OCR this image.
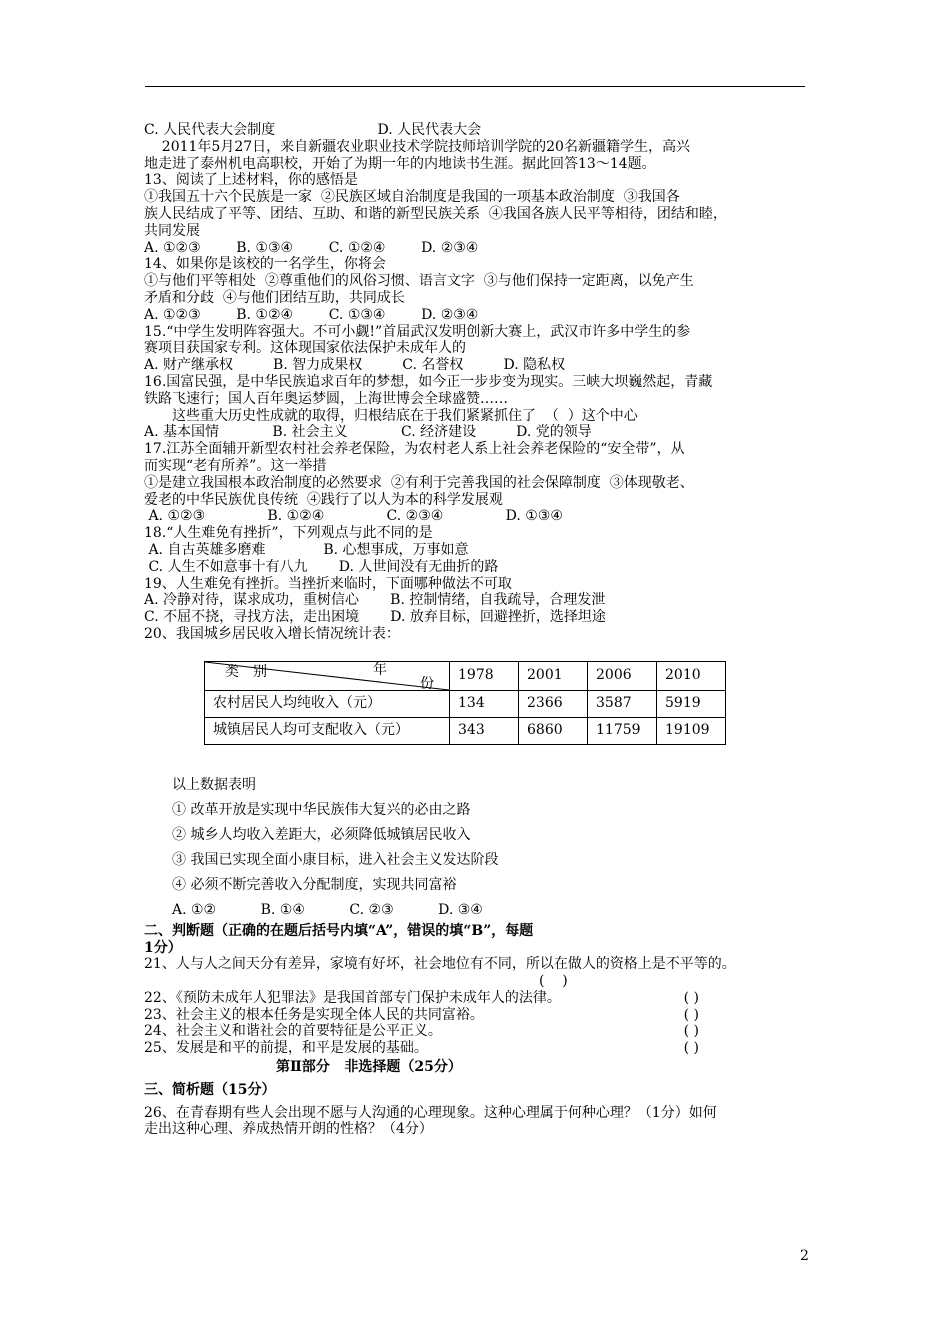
C. 人民代表大会制度                       D. 人民代表大会
2011年5月27日，来自新疆农业职业技术学院技师培训学院的20名新疆籍学生，高兴
地走进了泰州机电高职校，开始了为期一年的内地读书生涯。据此回答13～14题。
13、阅读了上述材料，你的感悟是
①我国五十六个民族是一家  ②民族区域自治制度是我国的一项基本政治制度  ③我国各
族人民结成了平等、团结、互助、和谐的新型民族关系  ④我国各族人民平等相待，团结和睦，
共同发展
A. ①②③        B. ①③④        C. ①②④        D. ②③④
14、如果你是该校的一名学生，你将会
①与他们平等相处  ②尊重他们的风俗习惯、语言文字  ③与他们保持一定距离，以免产生
矛盾和分歧  ④与他们团结互助，共同成长
A. ①②③        B. ①②④        C. ①③④        D. ②③④
15.“中学生发明阵容强大。不可小觑!”首届武汉发明创新大赛上，武汉市许多中学生的参
赛项目获国家专利。这体现国家依法保护未成年人的
A. 财产继承权         B. 智力成果权         C. 名誉权         D. 隐私权
16.国富民强，是中华民族追求百年的梦想，如今正一步步变为现实。三峡大坝巍然起，青藏
铁路飞速行；国人百年奥运梦圆，上海世博会全球盛赞……
这些重大历史性成就的取得，归根结底在于我们紧紧抓住了  （  ）这个中心
A. 基本国情            B. 社会主义            C. 经济建设         D. 党的领导
17.江苏全面辅开新型农村社会养老保险，为农村老人系上社会养老保险的“安全带”，从
而实现“老有所养”。这一举措
①是建立我国根本政治制度的必然要求  ②有利于完善我国的社会保障制度  ③体现敬老、
爱老的中华民族优良传统  ④践行了以人为本的科学发展观
A. ①②③              B. ①②④              C. ②③④              D. ①③④
18.“人生难免有挫折”，下列观点与此不同的是
A. 自古英雄多磨难             B. 心想事成，万事如意
C. 人生不如意事十有八九       D. 人世间没有无曲折的路
19、人生难免有挫折。当挫折来临时，下面哪种做法不可取
A. 冷静对待，谋求成功，重树信心       B. 控制情绪，自我疏导，合理发泄
C. 不屈不挠，寻找方法，走出困境       D. 放弃目标，回避挫折，选择坦途
20、我国城乡居民收入增长情况统计表：
类 别 年
份	1978	2001	2006	2010
农村居民人均纯收入（元）	134	2366	3587	5919
城镇居民人均可支配收入（元）	343	6860	11759	19109
以上数据表明
① 改革开放是实现中华民族伟大复兴的必由之路
② 城乡人均收入差距大，必须降低城镇居民收入
③ 我国已实现全面小康目标，进入社会主义发达阶段
④ 必须不断完善收入分配制度，实现共同富裕
A. ①②          B. ①④          C. ②③          D. ③④
二、判断题（正确的在题后括号内填“A”，错误的填“B”，每题
1分）
21、人与人之间天分有差异，家境有好坏，社会地位有不同，所以在做人的资格上是不平等的。
(    )
22、《预防未成年人犯罪法》是我国首部专门保护未成年人的法律。	( )
23、社会主义的根本任务是实现全体人民的共同富裕。	( )
24、社会主义和谐社会的首要特征是公平正义。	( )
25、发展是和平的前提，和平是发展的基础。	( )
第Ⅱ部分   非选择题（25分）
三、简析题（15分）
26、在青春期有些人会出现不愿与人沟通的心理现象。这种心理属于何种心理？（1分）如何
走出这种心理、养成热情开朗的性格？（4分）
2
